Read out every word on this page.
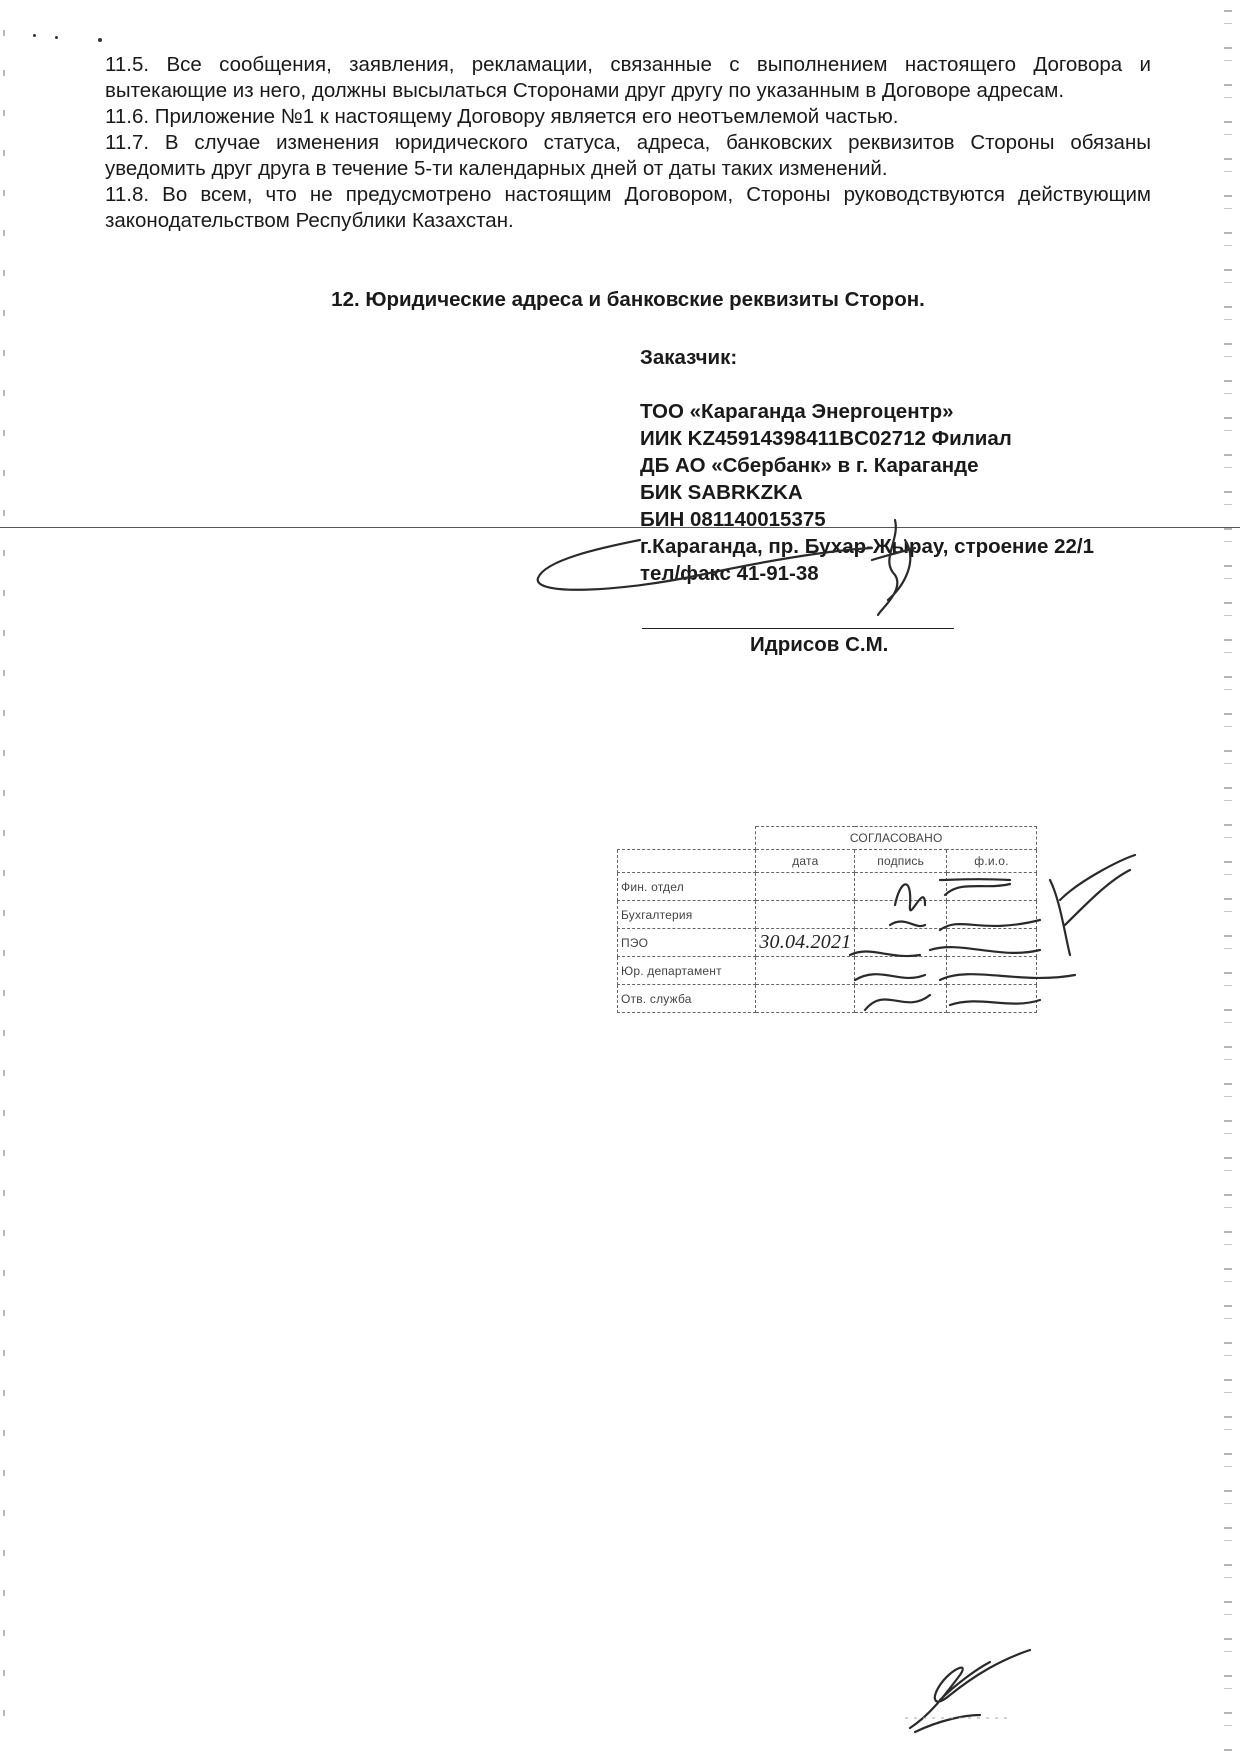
11.5. Все сообщения, заявления, рекламации, связанные с выполнением настоящего Договора и вытекающие из него, должны высылаться Сторонами друг другу по указанным в Договоре адресам.

11.6. Приложение №1 к настоящему Договору является его неотъемлемой частью.

11.7. В случае изменения юридического статуса, адреса, банковских реквизитов Стороны обязаны уведомить друг друга в течение 5-ти календарных дней от даты таких изменений.

11.8. Во всем, что не предусмотрено настоящим Договором, Стороны руководствуются действующим законодательством Республики Казахстан.

12. Юридические адреса и банковские реквизиты Сторон.

Заказчик:

ТОО «Караганда Энергоцентр»

ИИК KZ45914398411BC02712 Филиал

ДБ АО «Сбербанк» в г. Караганде

БИК SABRKZKA

БИН 081140015375

г.Караганда, пр. Бухар-Жырау, строение 22/1

тел/факс 41-91-38

Идрисов С.М.
	СОГЛАСОВАНО		
	дата	подпись	ф.и.о.
Фин. отдел			
Бухгалтерия			
ПЭО	30.04.2021		
Юр. департамент			
Отв. служба			
